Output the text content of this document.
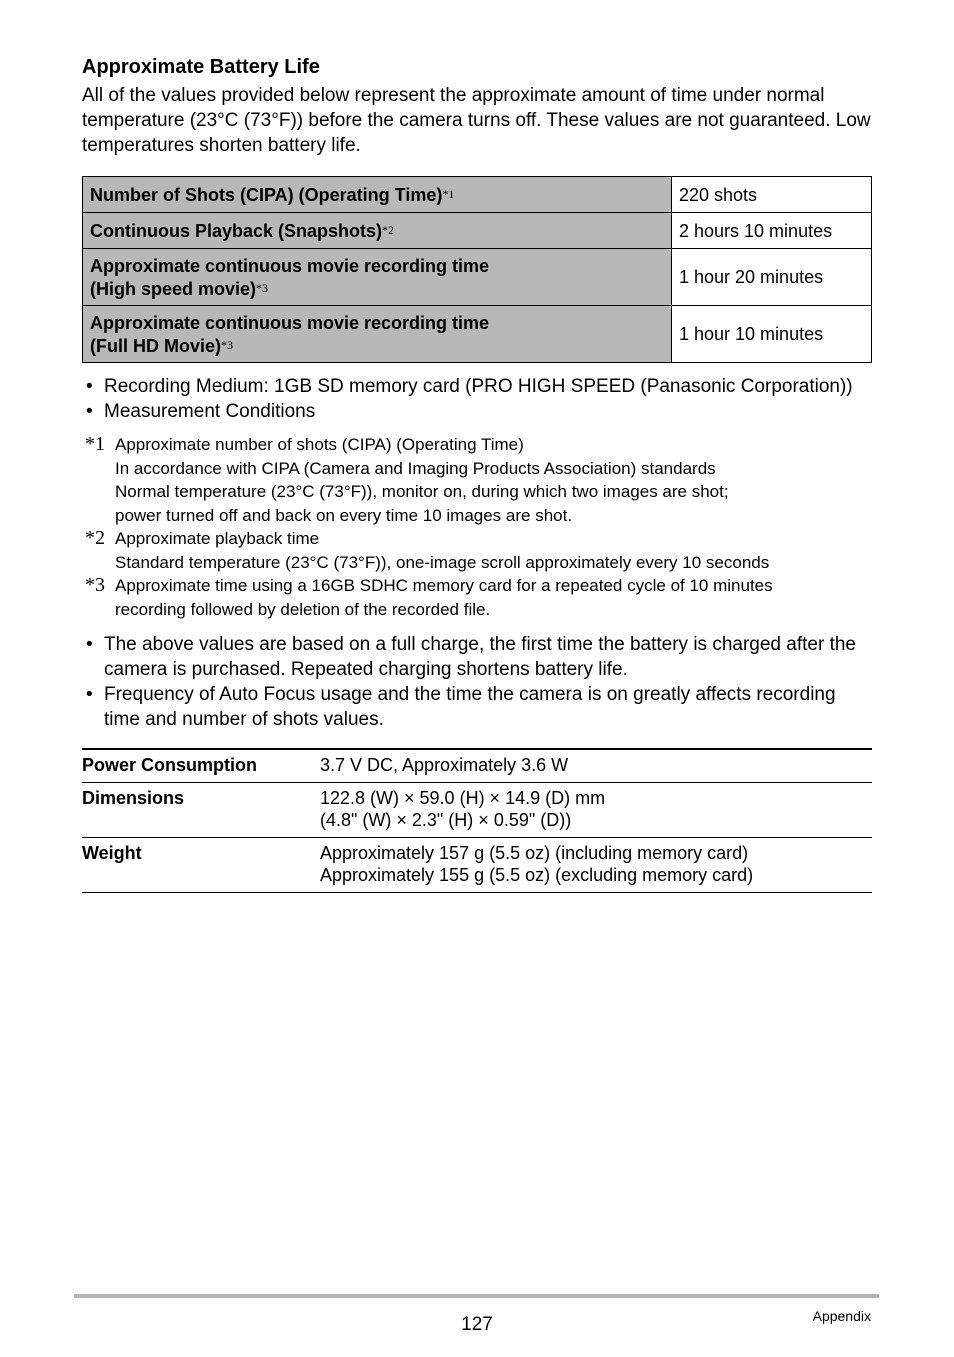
Approximate Battery Life

All of the values provided below represent the approximate amount of time under normal temperature (23°C (73°F)) before the camera turns off. These values are not guaranteed. Low temperatures shorten battery life.

Number of Shots (CIPA) (Operating Time)*1	220 shots
Continuous Playback (Snapshots)*2	2 hours 10 minutes
Approximate continuous movie recording time
(High speed movie)*3	1 hour 20 minutes
Approximate continuous movie recording time
(Full HD Movie)*3	1 hour 10 minutes
• Recording Medium: 1GB SD memory card (PRO HIGH SPEED (Panasonic Corporation))
• Measurement Conditions
*1 Approximate number of shots (CIPA) (Operating Time)
In accordance with CIPA (Camera and Imaging Products Association) standards
Normal temperature (23°C (73°F)), monitor on, during which two images are shot;
power turned off and back on every time 10 images are shot.
*2 Approximate playback time
Standard temperature (23°C (73°F)), one-image scroll approximately every 10 seconds
*3 Approximate time using a 16GB SDHC memory card for a repeated cycle of 10 minutes
recording followed by deletion of the recorded file.
• The above values are based on a full charge, the first time the battery is charged after the camera is purchased. Repeated charging shortens battery life.
• Frequency of Auto Focus usage and the time the camera is on greatly affects recording time and number of shots values.
Power Consumption	3.7 V DC, Approximately 3.6 W

Dimensions	122.8 (W) × 59.0 (H) × 14.9 (D) mm
(4.8" (W) × 2.3" (H) × 0.59" (D))

Weight	Approximately 157 g (5.5 oz) (including memory card)
Approximately 155 g (5.5 oz) (excluding memory card)
127	Appendix
